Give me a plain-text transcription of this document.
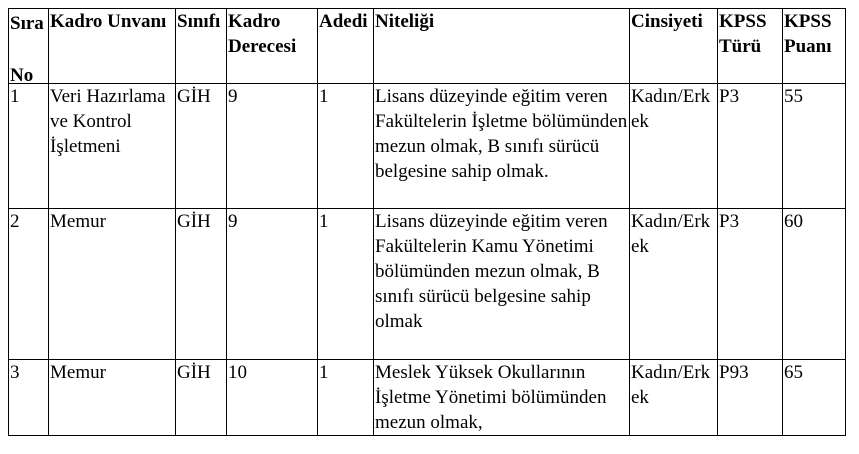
Sıra
No	Kadro Unvanı	Sınıfı	Kadro Derecesi	Adedi	Niteliği	Cinsiyeti	KPSS Türü	KPSS Puanı
1	Veri Hazırlama ve Kontrol İşletmeni	GİH	9	1	Lisans düzeyinde eğitim veren Fakültelerin İşletme bölümünden mezun olmak, B sınıfı sürücü belgesine sahip olmak.	Kadın/Erkek	P3	55
2	Memur	GİH	9	1	Lisans düzeyinde eğitim veren Fakültelerin Kamu Yönetimi bölümünden mezun olmak, B sınıfı sürücü belgesine sahip olmak	Kadın/Erkek	P3	60
3	Memur	GİH	10	1	Meslek Yüksek Okullarının İşletme Yönetimi bölümünden mezun olmak,	Kadın/Erkek	P93	65
